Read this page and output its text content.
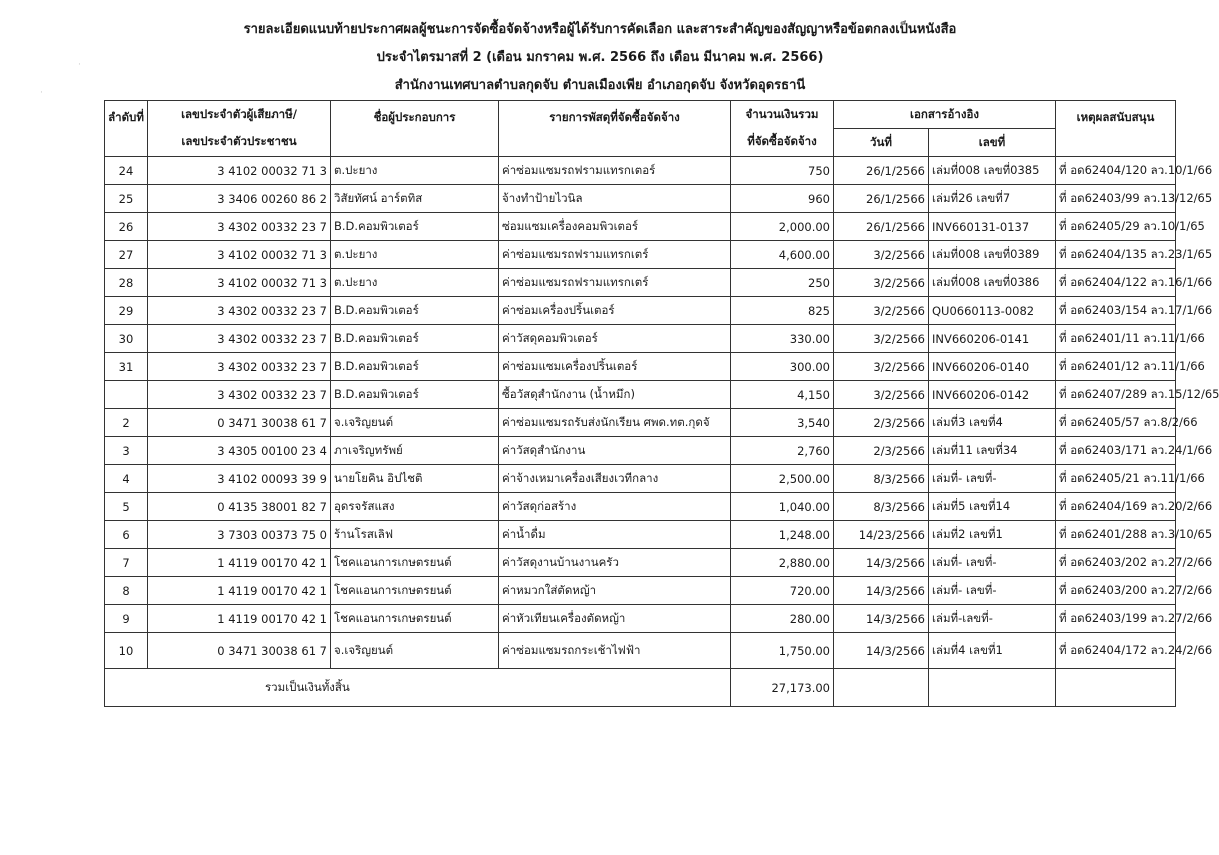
รายละเอียดแนบท้ายประกาศผลผู้ชนะการจัดซื้อจัดจ้างหรือผู้ได้รับการคัดเลือก และสาระสำคัญของสัญญาหรือข้อตกลงเป็นหนังสือ
ประจำไตรมาสที่ 2 (เดือน มกราคม พ.ศ. 2566 ถึง เดือน มีนาคม พ.ศ. 2566)
สำนักงานเทศบาลตำบลกุดจับ ตำบลเมืองเพีย อำเภอกุดจับ จังหวัดอุดรธานี
·
·
ลำดับที่	เลขประจำตัวผู้เสียภาษี/	ชื่อผู้ประกอบการ	รายการพัสดุที่จัดซื้อจัดจ้าง	จำนวนเงินรวม	เอกสารอ้างอิง		เหตุผลสนับสนุน
	เลขประจำตัวประชาชน			ที่จัดซื้อจัดจ้าง	วันที่	เลขที่	
24	3 4102 00032 71 3	ต.ปะยาง	ค่าซ่อมแซมรถฟรามแทรกเตอร์	750	26/1/2566	เล่มที่008 เลขที่0385	ที่ อด62404/120 ลว.10/1/66
25	3 3406 00260 86 2	วิสัยทัศน์ อาร์ตทิส	จ้างทำป้ายไวนิล	960	26/1/2566	เล่มที่26 เลขที่7	ที่ อด62403/99 ลว.13/12/65
26	3 4302 00332 23 7	B.D.คอมพิวเตอร์	ซ่อมแซมเครื่องคอมพิวเตอร์	2,000.00	26/1/2566	INV660131-0137	ที่ อด62405/29 ลว.10/1/65
27	3 4102 00032 71 3	ต.ปะยาง	ค่าซ่อมแซมรถฟรามแทรกเตร์	4,600.00	3/2/2566	เล่มที่008 เลขที่0389	ที่ อด62404/135 ลว.23/1/65
28	3 4102 00032 71 3	ต.ปะยาง	ค่าซ่อมแซมรถฟรามแทรกเตร์	250	3/2/2566	เล่มที่008 เลขที่0386	ที่ อด62404/122 ลว.16/1/66
29	3 4302 00332 23 7	B.D.คอมพิวเตอร์	ค่าซ่อมเครื่องปริ้นเตอร์	825	3/2/2566	QU0660113-0082	ที่ อด62403/154 ลว.17/1/66
30	3 4302 00332 23 7	B.D.คอมพิวเตอร์	ค่าวัสดุคอมพิวเตอร์	330.00	3/2/2566	INV660206-0141	ที่ อด62401/11 ลว.11/1/66
31	3 4302 00332 23 7	B.D.คอมพิวเตอร์	ค่าซ่อมแซมเครื่องปริ้นเตอร์	300.00	3/2/2566	INV660206-0140	ที่ อด62401/12 ลว.11/1/66
	3 4302 00332 23 7	B.D.คอมพิวเตอร์	ซื้อวัสดุสำนักงาน (น้ำหมึก)	4,150	3/2/2566	INV660206-0142	ที่ อด62407/289 ลว.15/12/65
2	0 3471 30038 61 7	จ.เจริญยนต์	ค่าซ่อมแซมรถรับส่งนักเรียน ศพด.ทต.กุดจั	3,540	2/3/2566	เล่มที่3 เลขที่4	ที่ อด62405/57 ลว.8/2/66
3	3 4305 00100 23 4	ภาเจริญทรัพย์	ค่าวัสดุสำนักงาน	2,760	2/3/2566	เล่มที่11 เลขที่34	ที่ อด62403/171 ลว.24/1/66
4	3 4102 00093 39 9	นายโยคิน อิปไชติ	ค่าจ้างเหมาเครื่องเสียงเวทีกลาง	2,500.00	8/3/2566	เล่มที่- เลขที่-	ที่ อด62405/21 ลว.11/1/66
5	0 4135 38001 82 7	อุดรจรัสแสง	ค่าวัสดุก่อสร้าง	1,040.00	8/3/2566	เล่มที่5 เลขที่14	ที่ อด62404/169 ลว.20/2/66
6	3 7303 00373 75 0	ร้านโรสเลิฟ	ค่าน้ำดื่ม	1,248.00	14/23/2566	เล่มที่2 เลขที่1	ที่ อด62401/288 ลว.3/10/65
7	1 4119 00170 42 1	โชคแอนการเกษตรยนต์	ค่าวัสดุงานบ้านงานครัว	2,880.00	14/3/2566	เล่มที่- เลขที่-	ที่ อด62403/202 ลว.27/2/66
8	1 4119 00170 42 1	โชคแอนการเกษตรยนต์	ค่าหมวกใส่ตัดหญ้า	720.00	14/3/2566	เล่มที่- เลขที่-	ที่ อด62403/200 ลว.27/2/66
9	1 4119 00170 42 1	โชคแอนการเกษตรยนต์	ค่าหัวเทียนเครื่องตัดหญ้า	280.00	14/3/2566	เล่มที่-เลขที่-	ที่ อด62403/199 ลว.27/2/66
10	0 3471 30038 61 7	จ.เจริญยนต์	ค่าซ่อมแซมรถกระเช้าไฟฟ้า	1,750.00	14/3/2566	เล่มที่4 เลขที่1	ที่ อด62404/172 ลว.24/2/66
รวมเป็นเงินทั้งสิ้น				27,173.00			
